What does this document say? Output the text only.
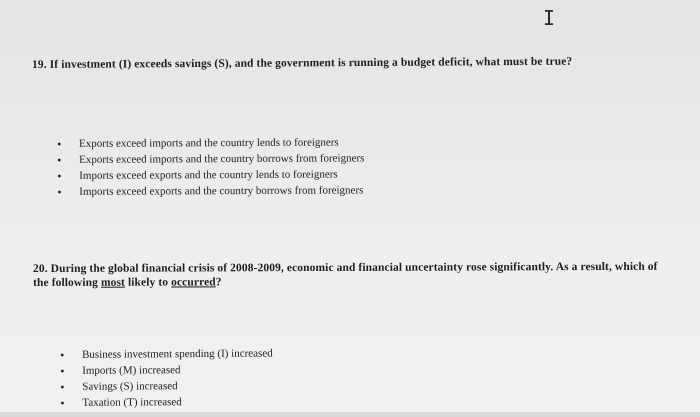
I
19. If investment (I) exceeds savings (S), and the government is running a budget deficit, what must be true?
• Exports exceed imports and the country lends to foreigners
• Exports exceed imports and the country borrows from foreigners
• Imports exceed exports and the country lends to foreigners
• Imports exceed exports and the country borrows from foreigners
20. During the global financial crisis of 2008-2009, economic and financial uncertainty rose significantly. As a result, which of the following most likely to occurred?
• Business investment spending (I) increased
• Imports (M) increased
• Savings (S) increased
• Taxation (T) increased
